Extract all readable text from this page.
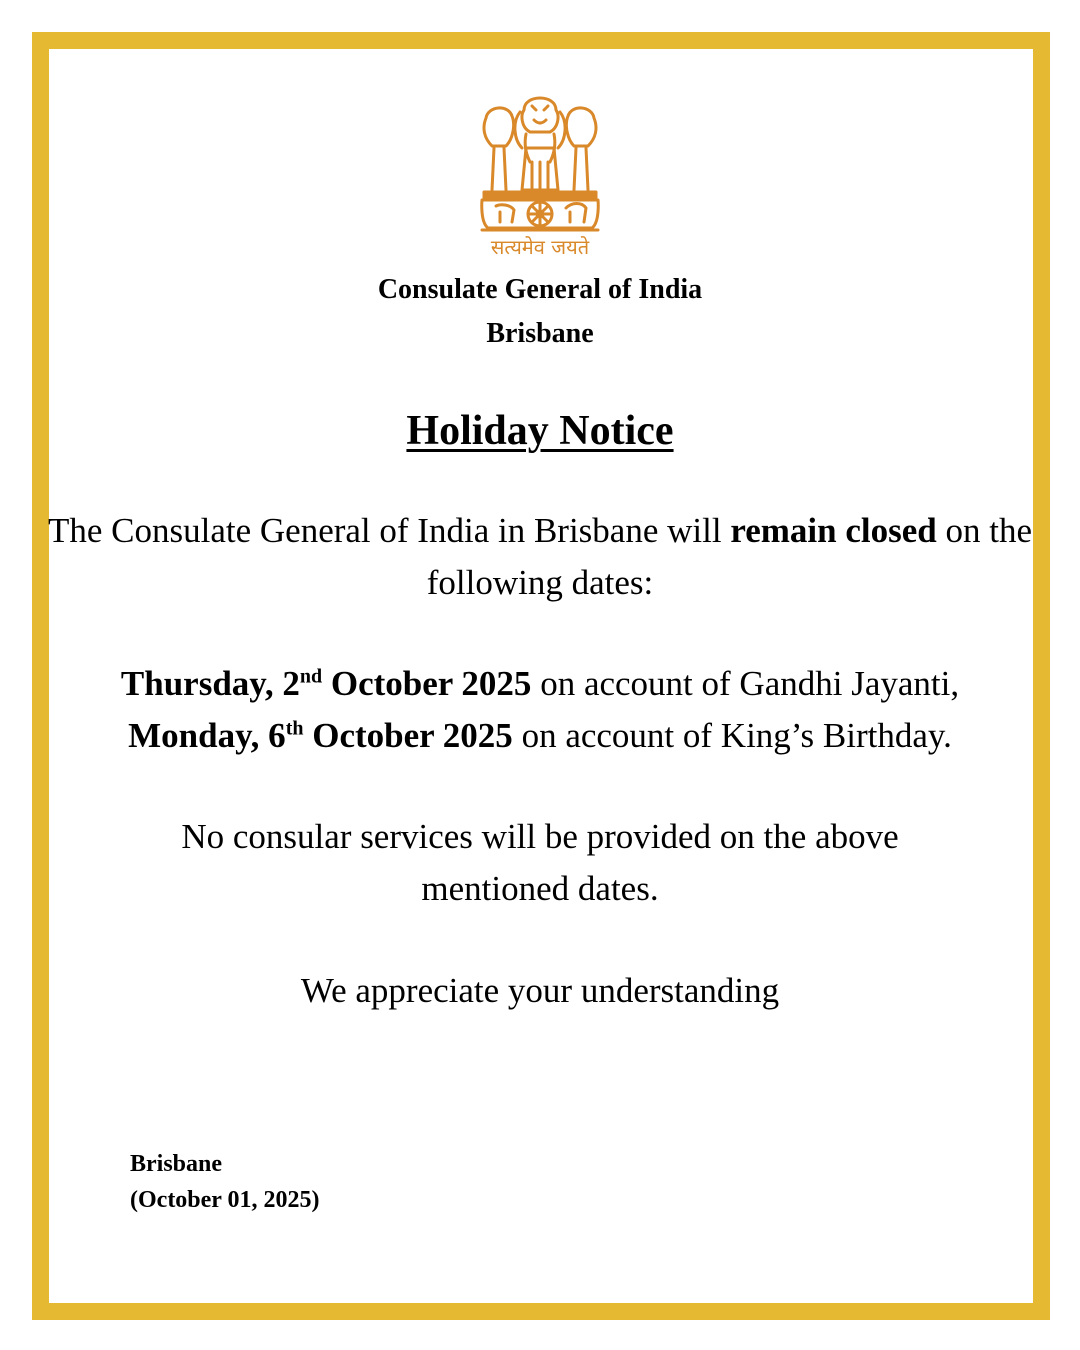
सत्यमेव जयते
Consulate General of India
Brisbane
Holiday Notice
The Consulate General of India in Brisbane will remain closed on the following dates:
Thursday, 2nd October 2025 on account of Gandhi Jayanti,
Monday, 6th October 2025 on account of King’s Birthday.
No consular services will be provided on the above
mentioned dates.
We appreciate your understanding
Brisbane
(October 01, 2025)
